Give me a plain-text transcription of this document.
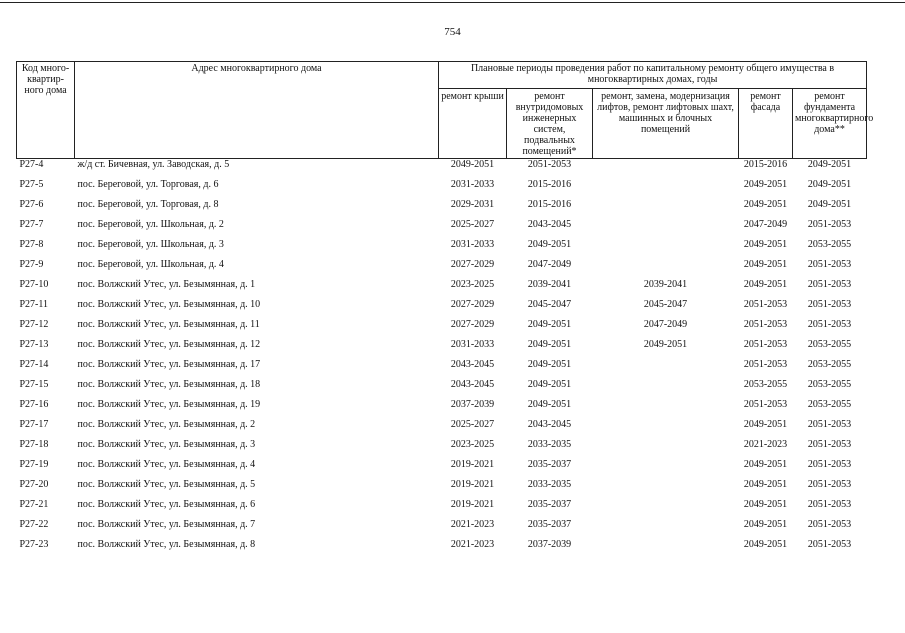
754
Код много-
квартир-
ного дома	Адрес многоквартирного дома	Плановые периоды проведения работ по капитальному ремонту общего имущества в многоквартирных домах, годы				
		ремонт крыши	ремонт внутридомовых инженерных систем, подвальных помещений*	ремонт, замена, модернизация лифтов, ремонт лифтовых шахт, машинных и блочных помещений	ремонт фасада	ремонт фундамента многоквартирного дома**
Р27-4	ж/д ст. Бичевная, ул. Заводская, д. 5	2049-2051	2051-2053		2015-2016	2049-2051
Р27-5	пос. Береговой, ул. Торговая, д. 6	2031-2033	2015-2016		2049-2051	2049-2051
Р27-6	пос. Береговой, ул. Торговая, д. 8	2029-2031	2015-2016		2049-2051	2049-2051
Р27-7	пос. Береговой, ул. Школьная, д. 2	2025-2027	2043-2045		2047-2049	2051-2053
Р27-8	пос. Береговой, ул. Школьная, д. 3	2031-2033	2049-2051		2049-2051	2053-2055
Р27-9	пос. Береговой, ул. Школьная, д. 4	2027-2029	2047-2049		2049-2051	2051-2053
Р27-10	пос. Волжский Утес, ул. Безымянная, д. 1	2023-2025	2039-2041	2039-2041	2049-2051	2051-2053
Р27-11	пос. Волжский Утес, ул. Безымянная, д. 10	2027-2029	2045-2047	2045-2047	2051-2053	2051-2053
Р27-12	пос. Волжский Утес, ул. Безымянная, д. 11	2027-2029	2049-2051	2047-2049	2051-2053	2051-2053
Р27-13	пос. Волжский Утес, ул. Безымянная, д. 12	2031-2033	2049-2051	2049-2051	2051-2053	2053-2055
Р27-14	пос. Волжский Утес, ул. Безымянная, д. 17	2043-2045	2049-2051		2051-2053	2053-2055
Р27-15	пос. Волжский Утес, ул. Безымянная, д. 18	2043-2045	2049-2051		2053-2055	2053-2055
Р27-16	пос. Волжский Утес, ул. Безымянная, д. 19	2037-2039	2049-2051		2051-2053	2053-2055
Р27-17	пос. Волжский Утес, ул. Безымянная, д. 2	2025-2027	2043-2045		2049-2051	2051-2053
Р27-18	пос. Волжский Утес, ул. Безымянная, д. 3	2023-2025	2033-2035		2021-2023	2051-2053
Р27-19	пос. Волжский Утес, ул. Безымянная, д. 4	2019-2021	2035-2037		2049-2051	2051-2053
Р27-20	пос. Волжский Утес, ул. Безымянная, д. 5	2019-2021	2033-2035		2049-2051	2051-2053
Р27-21	пос. Волжский Утес, ул. Безымянная, д. 6	2019-2021	2035-2037		2049-2051	2051-2053
Р27-22	пос. Волжский Утес, ул. Безымянная, д. 7	2021-2023	2035-2037		2049-2051	2051-2053
Р27-23	пос. Волжский Утес, ул. Безымянная, д. 8	2021-2023	2037-2039		2049-2051	2051-2053
